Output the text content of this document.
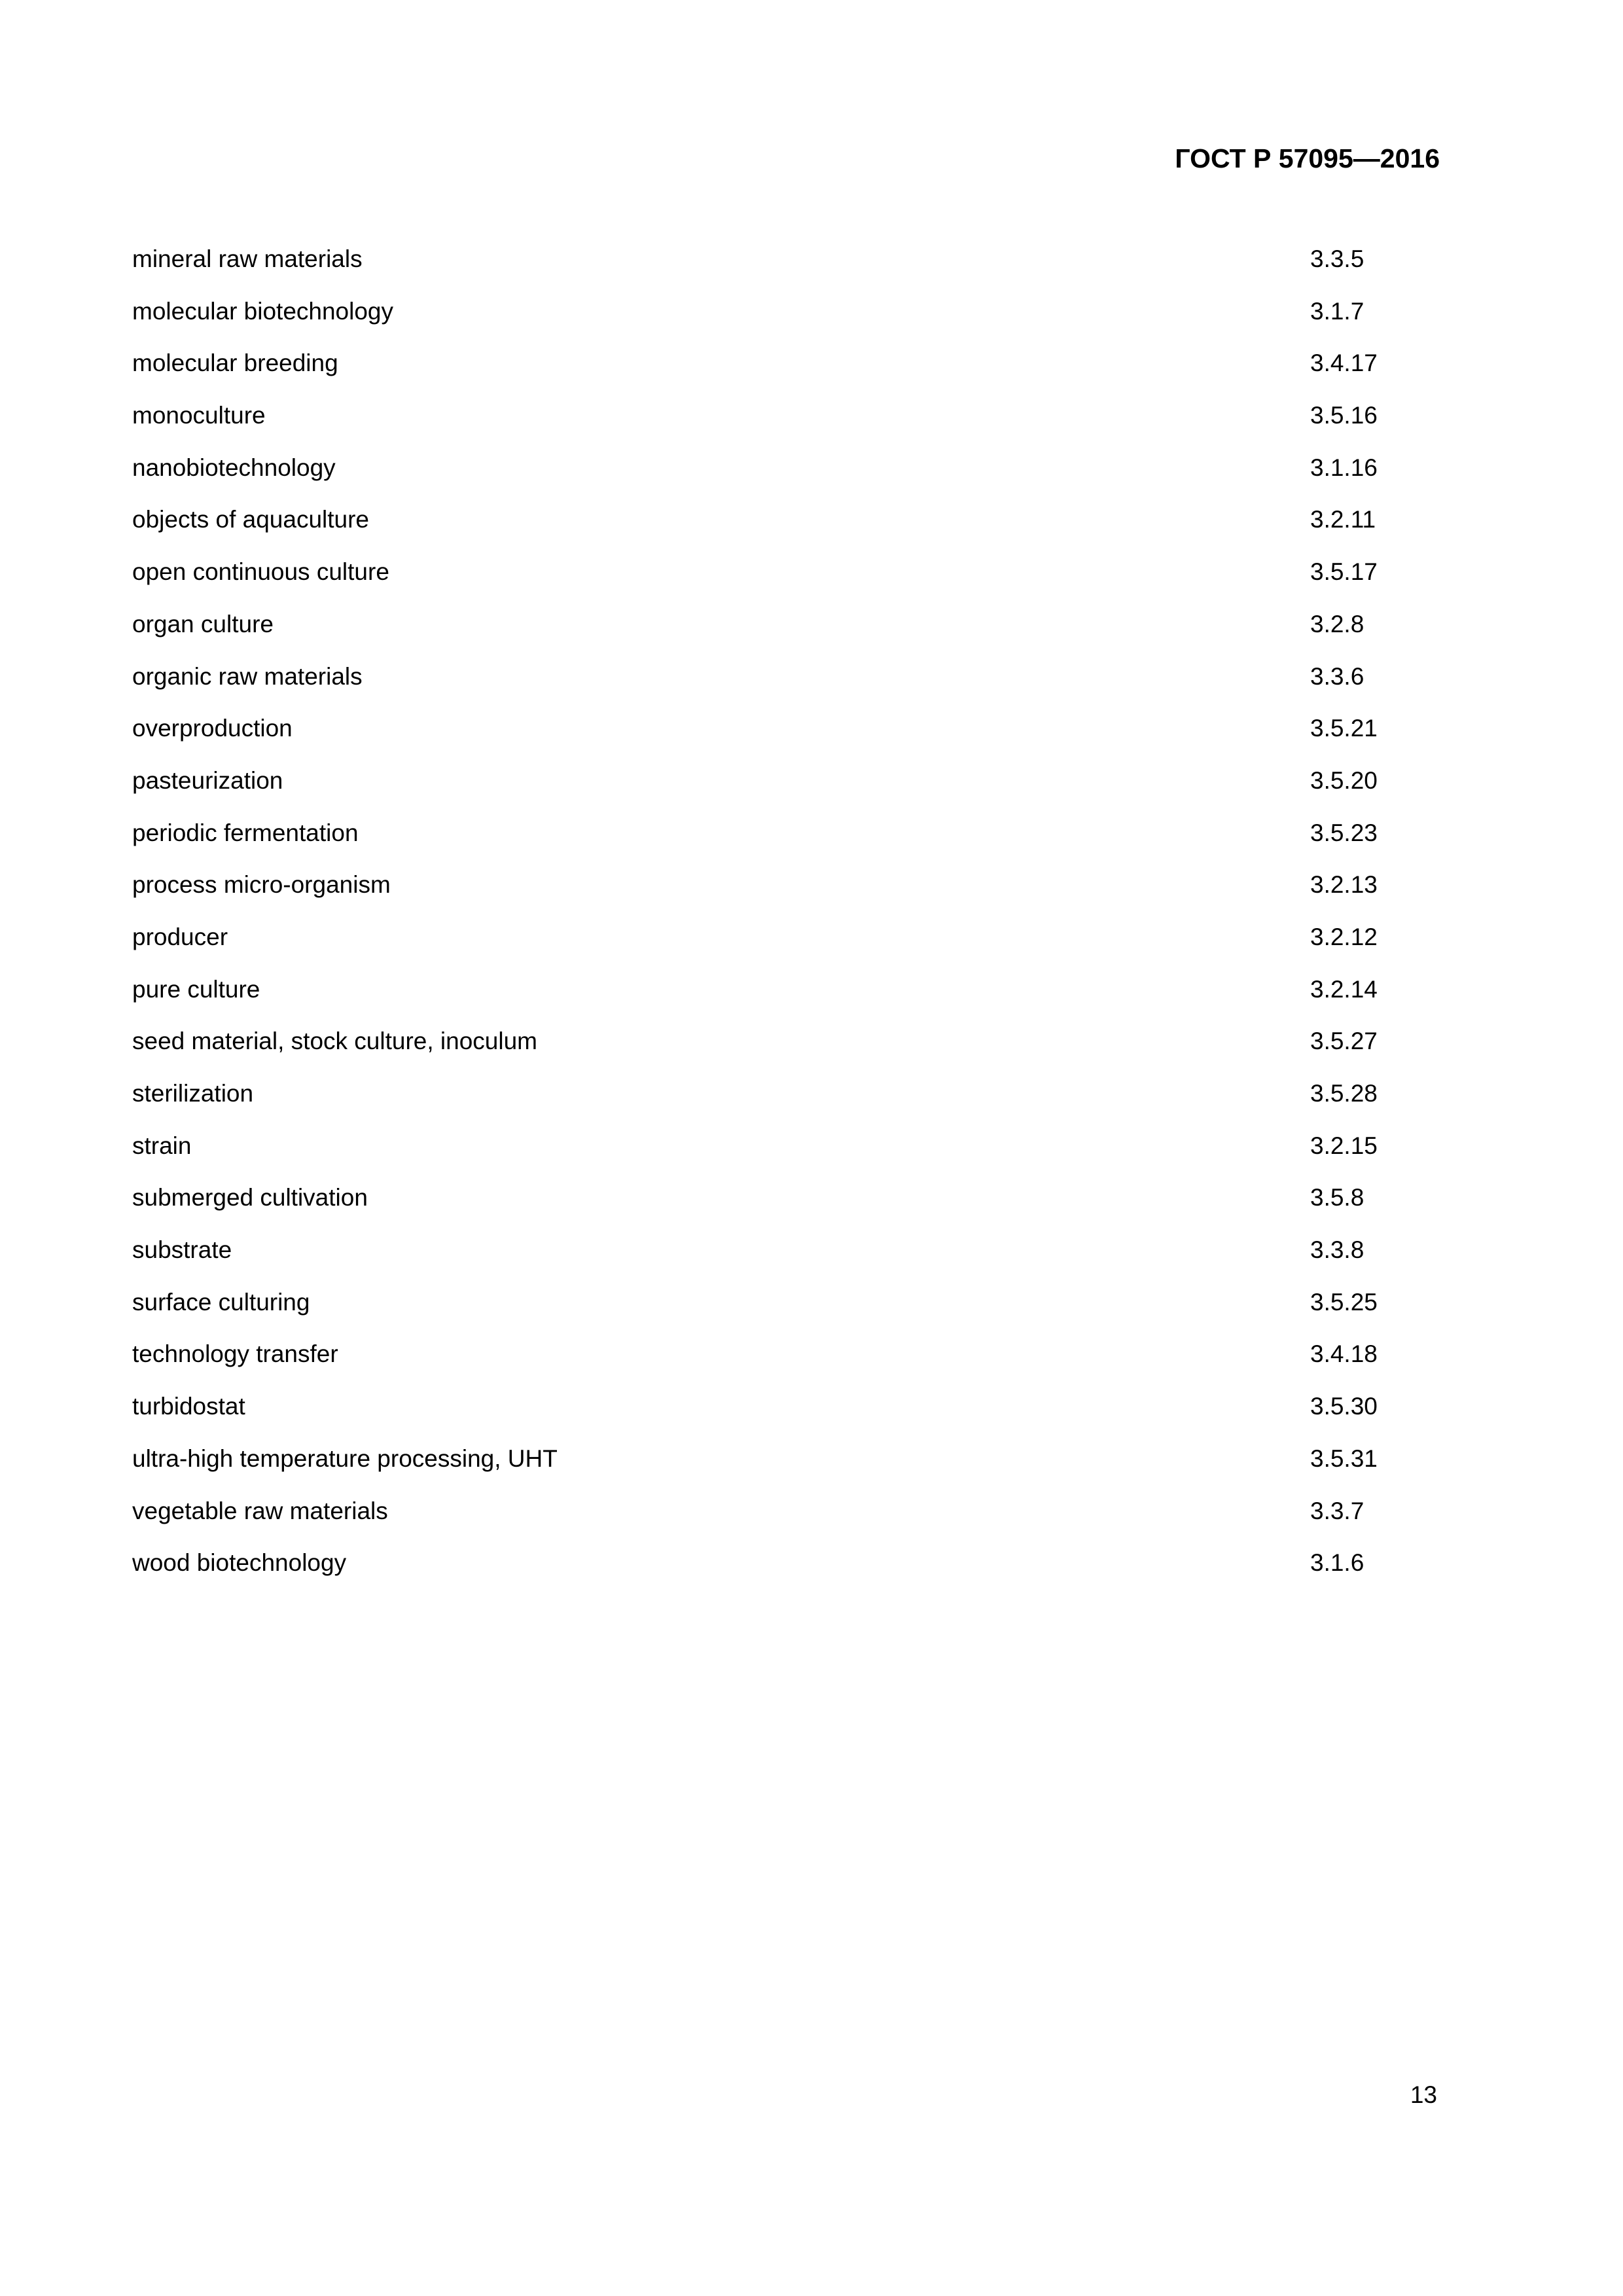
ГОСТ Р 57095—2016
mineral raw materials	3.3.5
molecular biotechnology	3.1.7
molecular breeding	3.4.17
monoculture	3.5.16
nanobiotechnology	3.1.16
objects of aquaculture	3.2.11
open continuous culture	3.5.17
organ culture	3.2.8
organic raw materials	3.3.6
overproduction	3.5.21
pasteurization	3.5.20
periodic fermentation	3.5.23
process micro-organism	3.2.13
producer	3.2.12
pure culture	3.2.14
seed material, stock culture, inoculum	3.5.27
sterilization	3.5.28
strain	3.2.15
submerged cultivation	3.5.8
substrate	3.3.8
surface culturing	3.5.25
technology transfer	3.4.18
turbidostat	3.5.30
ultra-high temperature processing, UHT	3.5.31
vegetable raw materials	3.3.7
wood biotechnology	3.1.6
13
